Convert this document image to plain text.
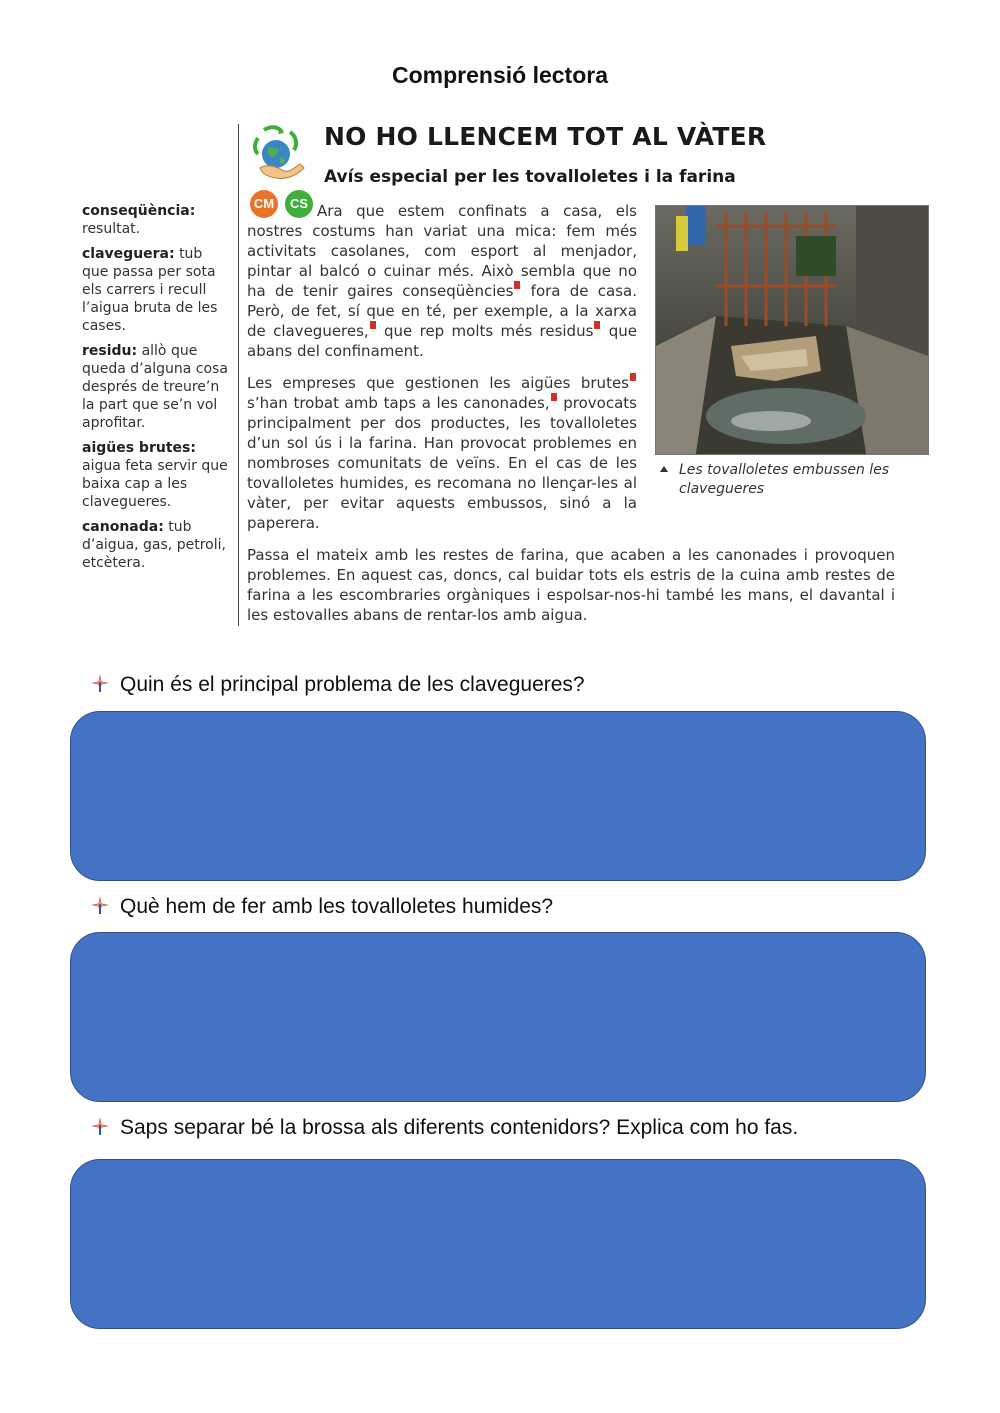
Comprensió lectora
conseqüència: resultat.
claveguera: tub que passa per sota els carrers i recull l’aigua bruta de les cases.
residu: allò que queda d’alguna cosa després de treure’n la part que se’n vol aprofitar.
aigües brutes: aigua feta servir que baixa cap a les clavegueres.
canonada: tub d’aigua, gas, petroli, etcètera.
NO HO LLENCEM TOT AL VÀTER
Avís especial per les tovalloletes i la farina
CM	CS Ara que estem confinats a casa, els nostres costums han variat una mica: fem més activitats casolanes, com esport al menjador, pintar al balcó o cuinar més. Això sembla que no ha de tenir gaires conseqüències fora de casa. Però, de fet, sí que en té, per exemple, a la xarxa de clavegueres, que rep molts més residus que abans del confinament.
Les empreses que gestionen les aigües brutes s’han trobat amb taps a les canonades, provocats principalment per dos productes, les tovalloletes d’un sol ús i la farina. Han provocat problemes en nombroses comunitats de veïns. En el cas de les tovalloletes humides, es recomana no llençar-les al vàter, per evitar aquests embussos, sinó a la paperera.
Passa el mateix amb les restes de farina, que acaben a les canonades i provoquen problemes. En aquest cas, doncs, cal buidar tots els estris de la cuina amb restes de farina a les escombraries orgàniques i espolsar-nos-hi també les mans, el davantal i les estovalles abans de rentar-los amb aigua.
Les tovalloletes embussen les clavegueres
Quin és el principal problema de les clavegueres?
Què hem de fer amb les tovalloletes humides?
Saps separar bé la brossa als diferents contenidors? Explica com ho fas.
